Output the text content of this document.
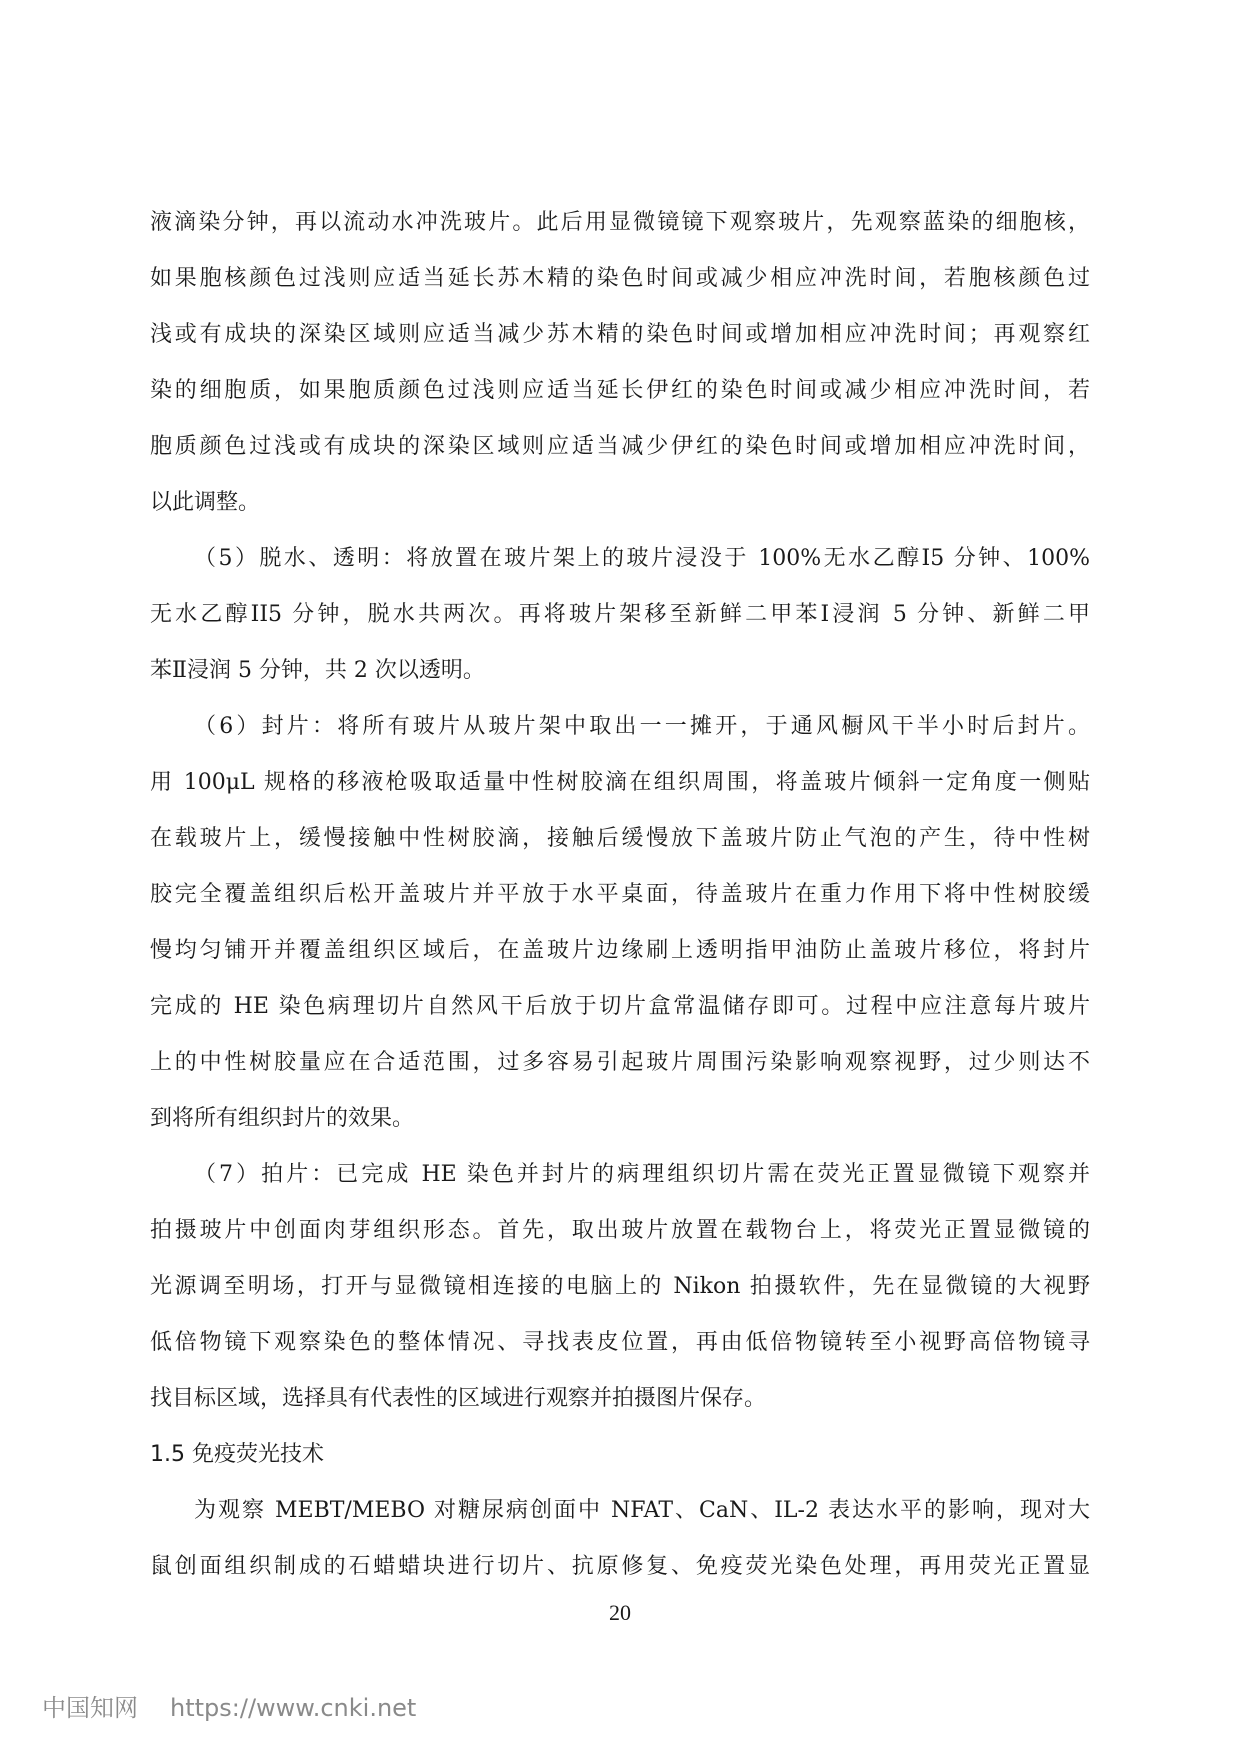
液滴染分钟，再以流动水冲洗玻片。此后用显微镜镜下观察玻片，先观察蓝染的细胞核，
如果胞核颜色过浅则应适当延长苏木精的染色时间或减少相应冲洗时间，若胞核颜色过
浅或有成块的深染区域则应适当减少苏木精的染色时间或增加相应冲洗时间；再观察红
染的细胞质，如果胞质颜色过浅则应适当延长伊红的染色时间或减少相应冲洗时间，若
胞质颜色过浅或有成块的深染区域则应适当减少伊红的染色时间或增加相应冲洗时间，
以此调整。
（5）脱水、透明：将放置在玻片架上的玻片浸没于 100%无水乙醇I5 分钟、100%
无水乙醇II5 分钟，脱水共两次。再将玻片架移至新鲜二甲苯Ⅰ浸润 5 分钟、新鲜二甲
苯Ⅱ浸润 5 分钟，共 2 次以透明。
（6）封片：将所有玻片从玻片架中取出一一摊开，于通风橱风干半小时后封片。
用 100μL 规格的移液枪吸取适量中性树胶滴在组织周围，将盖玻片倾斜一定角度一侧贴
在载玻片上，缓慢接触中性树胶滴，接触后缓慢放下盖玻片防止气泡的产生，待中性树
胶完全覆盖组织后松开盖玻片并平放于水平桌面，待盖玻片在重力作用下将中性树胶缓
慢均匀铺开并覆盖组织区域后，在盖玻片边缘刷上透明指甲油防止盖玻片移位，将封片
完成的 HE 染色病理切片自然风干后放于切片盒常温储存即可。过程中应注意每片玻片
上的中性树胶量应在合适范围，过多容易引起玻片周围污染影响观察视野，过少则达不
到将所有组织封片的效果。
（7）拍片：已完成 HE 染色并封片的病理组织切片需在荧光正置显微镜下观察并
拍摄玻片中创面肉芽组织形态。首先，取出玻片放置在载物台上，将荧光正置显微镜的
光源调至明场，打开与显微镜相连接的电脑上的 Nikon 拍摄软件，先在显微镜的大视野
低倍物镜下观察染色的整体情况、寻找表皮位置，再由低倍物镜转至小视野高倍物镜寻
找目标区域，选择具有代表性的区域进行观察并拍摄图片保存。
1.5 免疫荧光技术
为观察 MEBT/MEBO 对糖尿病创面中 NFAT、CaN、IL-2 表达水平的影响，现对大
鼠创面组织制成的石蜡蜡块进行切片、抗原修复、免疫荧光染色处理，再用荧光正置显
20
中国知网 https://www.cnki.net
